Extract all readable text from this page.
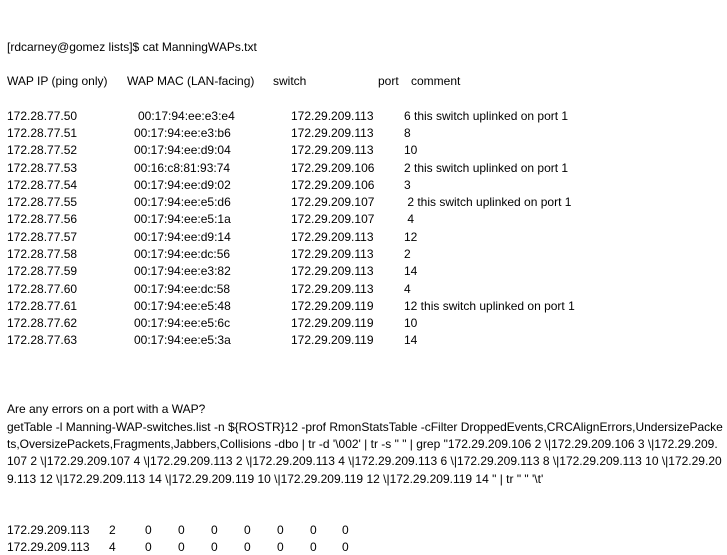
[rdcarney@gomez lists]$ cat ManningWAPs.txt
WAP IP (ping only) WAP MAC (LAN-facing) switch	port comment
172.28.77.50	00:17:94:ee:e3:e4	172.29.209.113	6 this switch uplinked on port 1
172.28.77.51	00:17:94:ee:e3:b6	172.29.209.113	8
172.28.77.52	00:17:94:ee:d9:04	172.29.209.113	10
172.28.77.53	00:16:c8:81:93:74	172.29.209.106 2 this switch uplinked on port 1
172.28.77.54	00:17:94:ee:d9:02	172.29.209.106 3
172.28.77.55	00:17:94:ee:e5:d6	172.29.209.107 2 this switch uplinked on port 1
172.28.77.56	00:17:94:ee:e5:1a	172.29.209.107 4
172.28.77.57	00:17:94:ee:d9:14	172.29.209.113	12
172.28.77.58	00:17:94:ee:dc:56	172.29.209.113	2
172.28.77.59	00:17:94:ee:e3:82	172.29.209.113	14
172.28.77.60	00:17:94:ee:dc:58	172.29.209.113	4
172.28.77.61	00:17:94:ee:e5:48	172.29.209.119	12 this switch uplinked on port 1
172.28.77.62	00:17:94:ee:e5:6c	172.29.209.119	10
172.28.77.63	00:17:94:ee:e5:3a	172.29.209.119	14
Are any errors on a port with a WAP?
getTable -l Manning-WAP-switches.list -n ${ROSTR}12 -prof RmonStatsTable -cFilter DroppedEvents,CRCAlignErrors,UndersizePackets,OversizePackets,Fragments,Jabbers,Collisions -dbo | tr -d '\002' | tr -s " " | grep "172.29.209.106 2 \|172.29.209.106 3 \|172.29.209.107 2 \|172.29.209.107 4 \|172.29.209.113 2 \|172.29.209.113 4 \|172.29.209.113 6 \|172.29.209.113 8 \|172.29.209.113 10 \|172.29.209.113 12 \|172.29.209.113 14 \|172.29.209.119 10 \|172.29.209.119 12 \|172.29.209.119 14 " | tr " " '\t'
172.29.209.113 2 0 0 0 0 0 0 0
172.29.209.113 4 0 0 0 0 0 0 0
